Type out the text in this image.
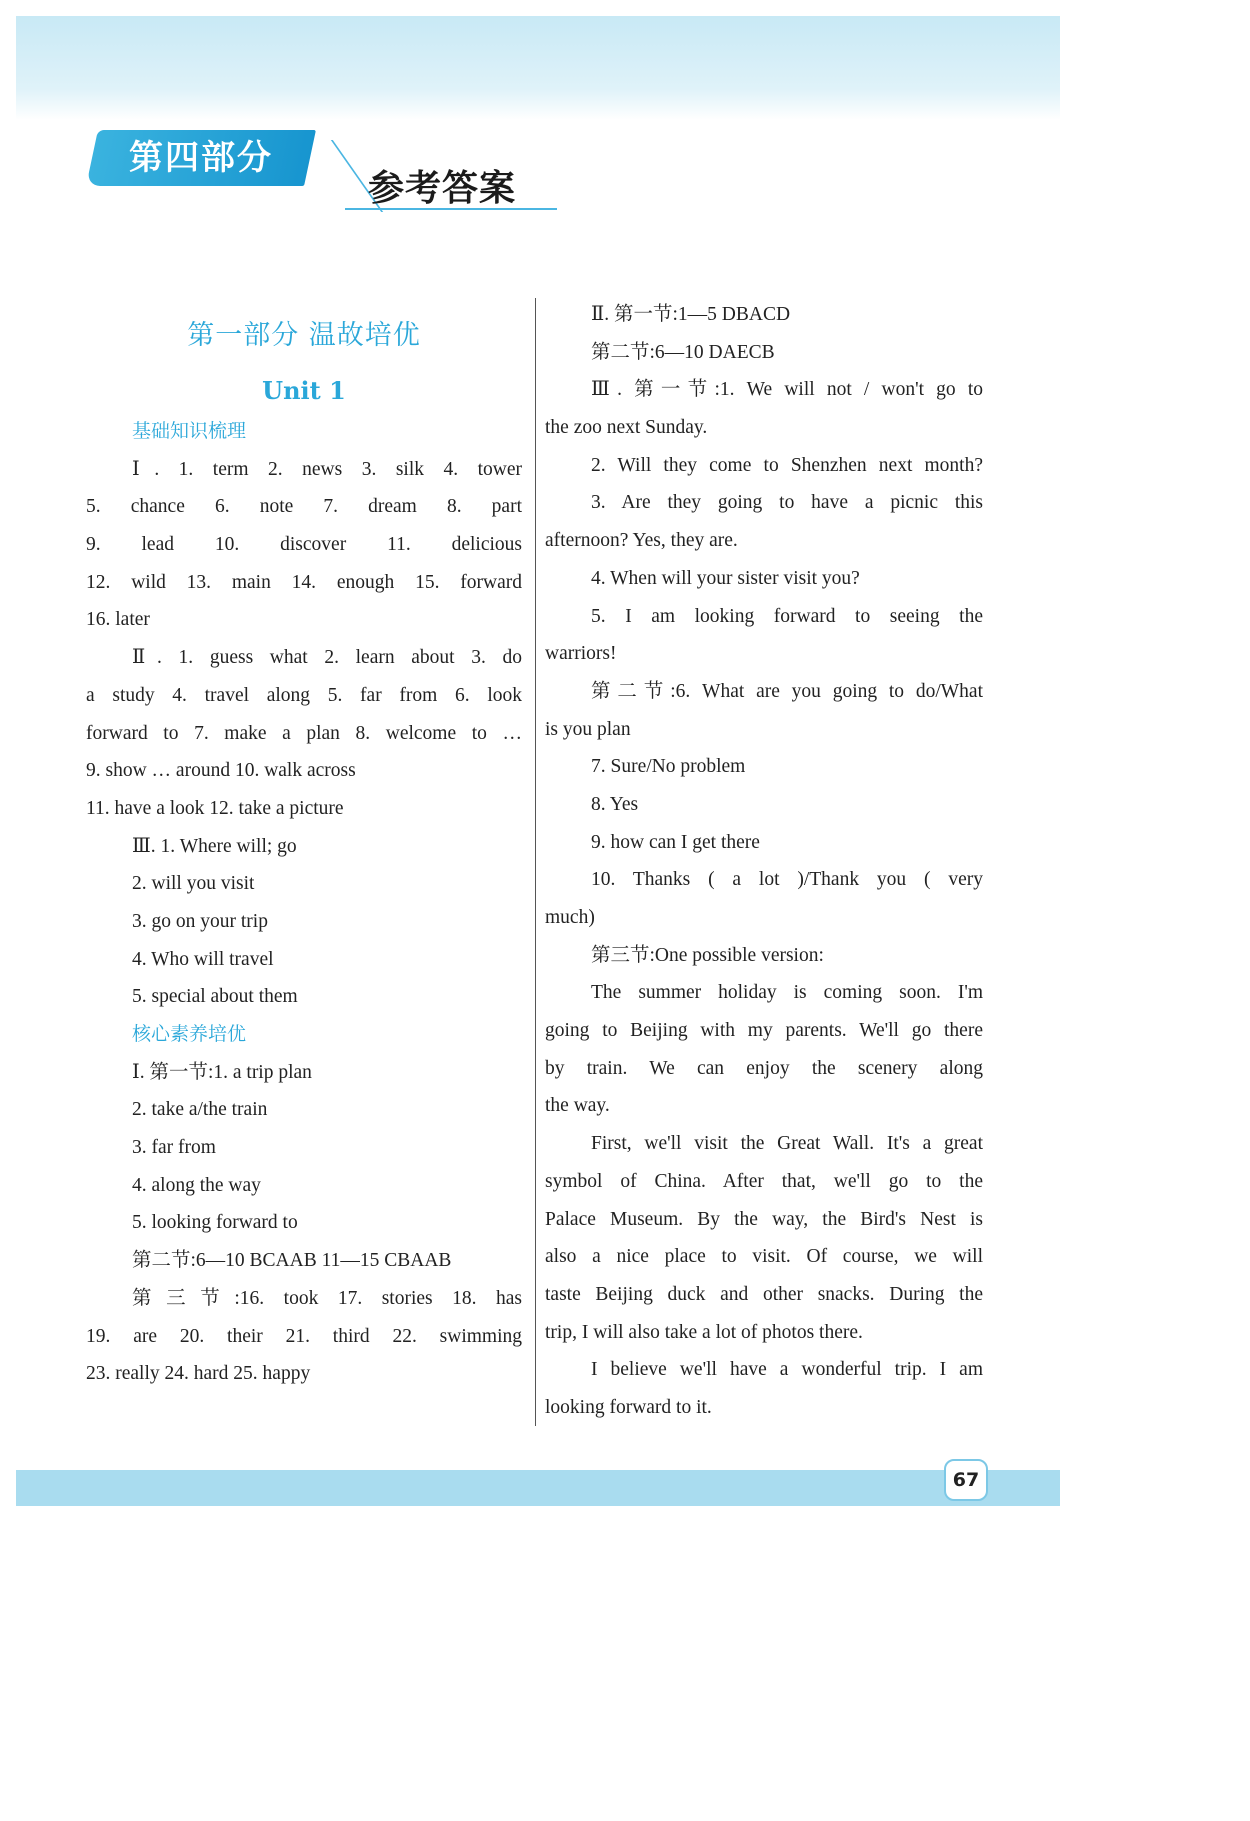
第四部分
参考答案
第一部分 温故培优
Unit 1
基础知识梳理
Ⅰ. 1. term 2. news 3. silk 4. tower
5. chance 6. note 7. dream 8. part
9. lead 10. discover 11. delicious
12. wild 13. main 14. enough 15. forward
16. later
Ⅱ. 1. guess what 2. learn about 3. do
a study 4. travel along 5. far from 6. look
forward to 7. make a plan 8. welcome to …
9. show … around 10. walk across
11. have a look 12. take a picture
Ⅲ. 1. Where will; go
2. will you visit
3. go on your trip
4. Who will travel
5. special about them
核心素养培优
Ⅰ. 第一节:1. a trip plan
2. take a/the train
3. far from
4. along the way
5. looking forward to
第二节:6—10 BCAAB 11—15 CBAAB
第三节:16. took 17. stories 18. has
19. are 20. their 21. third 22. swimming
23. really 24. hard 25. happy
Ⅱ. 第一节:1—5 DBACD
第二节:6—10 DAECB
Ⅲ. 第一节:1. We will not / won't go to
the zoo next Sunday.
2. Will they come to Shenzhen next month?
3. Are they going to have a picnic this
afternoon? Yes, they are.
4. When will your sister visit you?
5. I am looking forward to seeing the
warriors!
第二节:6. What are you going to do/What
is you plan
7. Sure/No problem
8. Yes
9. how can I get there
10. Thanks ( a lot )/Thank you ( very
much)
第三节:One possible version:
The summer holiday is coming soon. I'm
going to Beijing with my parents. We'll go there
by train. We can enjoy the scenery along
the way.
First, we'll visit the Great Wall. It's a great
symbol of China. After that, we'll go to the
Palace Museum. By the way, the Bird's Nest is
also a nice place to visit. Of course, we will
taste Beijing duck and other snacks. During the
trip, I will also take a lot of photos there.
I believe we'll have a wonderful trip. I am
looking forward to it.
67
